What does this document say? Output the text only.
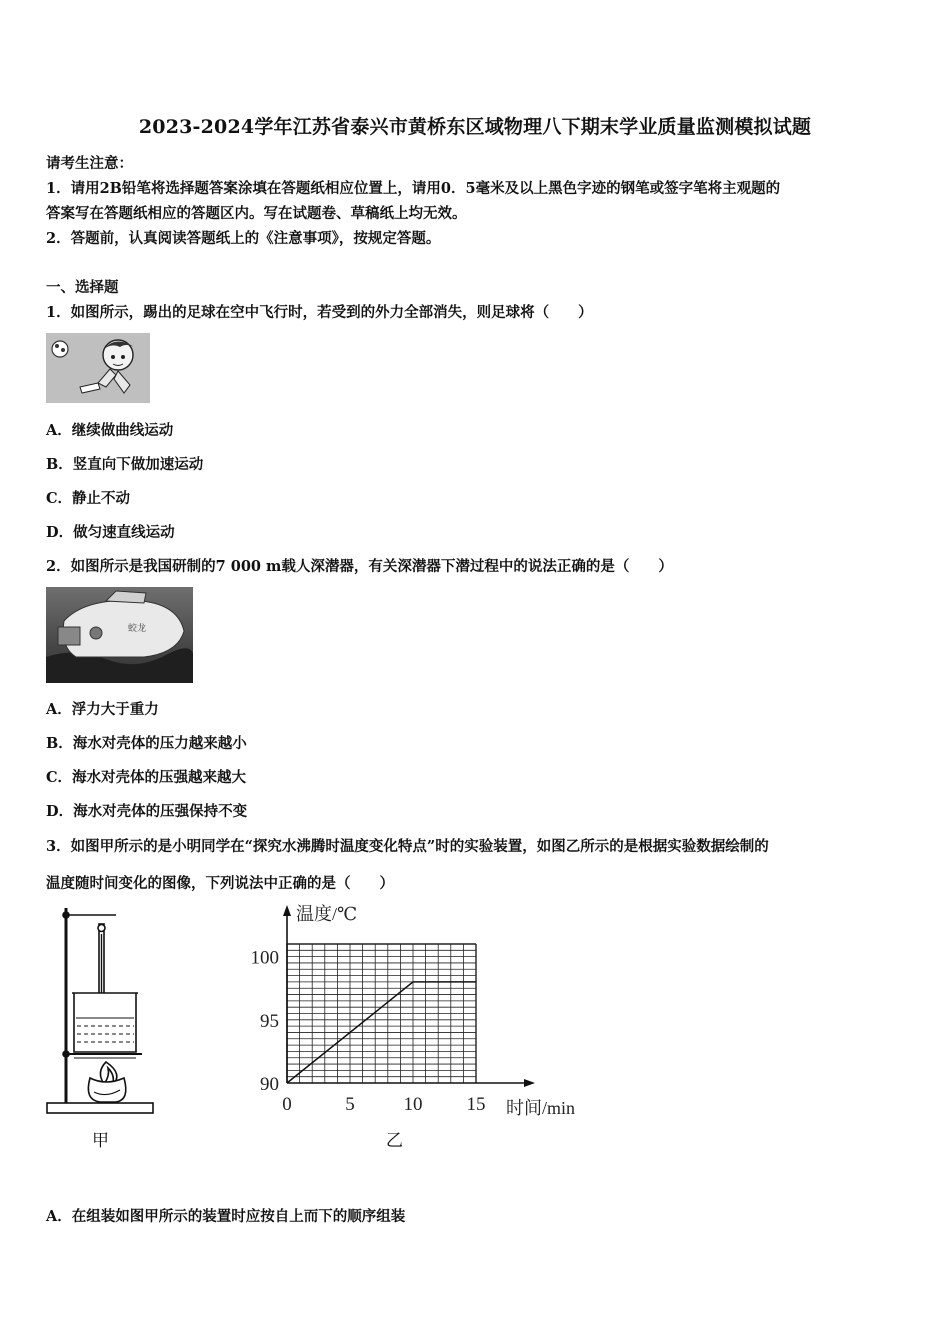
2023-2024学年江苏省泰兴市黄桥东区域物理八下期末学业质量监测模拟试题
请考生注意：
1．请用2B铅笔将选择题答案涂填在答题纸相应位置上，请用0．5毫米及以上黑色字迹的钢笔或签字笔将主观题的
答案写在答题纸相应的答题区内。写在试题卷、草稿纸上均无效。
2．答题前，认真阅读答题纸上的《注意事项》，按规定答题。
一、选择题
1．如图所示，踢出的足球在空中飞行时，若受到的外力全部消失，则足球将（　　）
A．继续做曲线运动
B．竖直向下做加速运动
C．静止不动
D．做匀速直线运动
2．如图所示是我国研制的7 000 m载人深潜器，有关深潜器下潜过程中的说法正确的是（　　）
蛟龙
A．浮力大于重力
B．海水对壳体的压力越来越小
C．海水对壳体的压强越来越大
D．海水对壳体的压强保持不变
3．如图甲所示的是小明同学在“探究水沸腾时温度变化特点”时的实验装置，如图乙所示的是根据实验数据绘制的
温度随时间变化的图像，下列说法中正确的是（　　）
甲
0	5	10 15
90
95
100
温度/℃
时间/min
乙
A．在组装如图甲所示的装置时应按自上而下的顺序组装
